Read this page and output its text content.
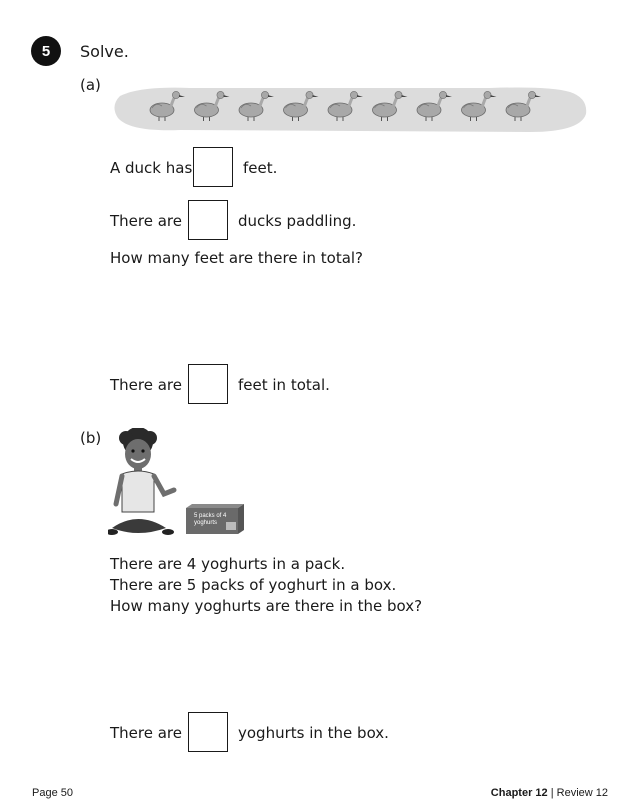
5	Solve.
(a)
A duck has	feet.
There are	ducks paddling.
How many feet are there in total?
There are	feet in total.
(b)
5 packs of 4
yoghurts
There are 4 yoghurts in a pack.
There are 5 packs of yoghurt in a box.
How many yoghurts are there in the box?
There are	yoghurts in the box.
Page 50	Chapter 12 | Review 12
